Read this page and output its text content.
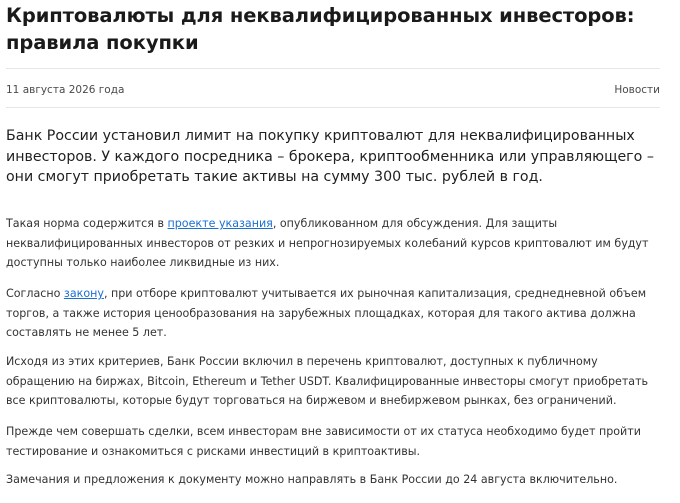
Криптовалюты для неквалифицированных инвесторов: правила покупки
11 августа 2026 года	Новости

Банк России установил лимит на покупку криптовалют для неквалифицированных инвесторов. У каждого посредника – брокера, криптообменника или управляющего – они смогут приобретать такие активы на сумму 300 тыс. рублей в год.

Такая норма содержится в проекте указания, опубликованном для обсуждения. Для защиты неквалифицированных инвесторов от резких и непрогнозируемых колебаний курсов криптовалют им будут доступны только наиболее ликвидные из них.

Согласно закону, при отборе криптовалют учитывается их рыночная капитализация, среднедневной объем торгов, а также история ценообразования на зарубежных площадках, которая для такого актива должна составлять не менее 5 лет.

Исходя из этих критериев, Банк России включил в перечень криптовалют, доступных к публичному обращению на биржах, Bitcoin, Ethereum и Tether USDT. Квалифицированные инвесторы смогут приобретать все криптовалюты, которые будут торговаться на биржевом и внебиржевом рынках, без ограничений.

Прежде чем совершать сделки, всем инвесторам вне зависимости от их статуса необходимо будет пройти тестирование и ознакомиться с рисками инвестиций в криптоактивы.

Замечания и предложения к документу можно направлять в Банк России до 24 августа включительно.
